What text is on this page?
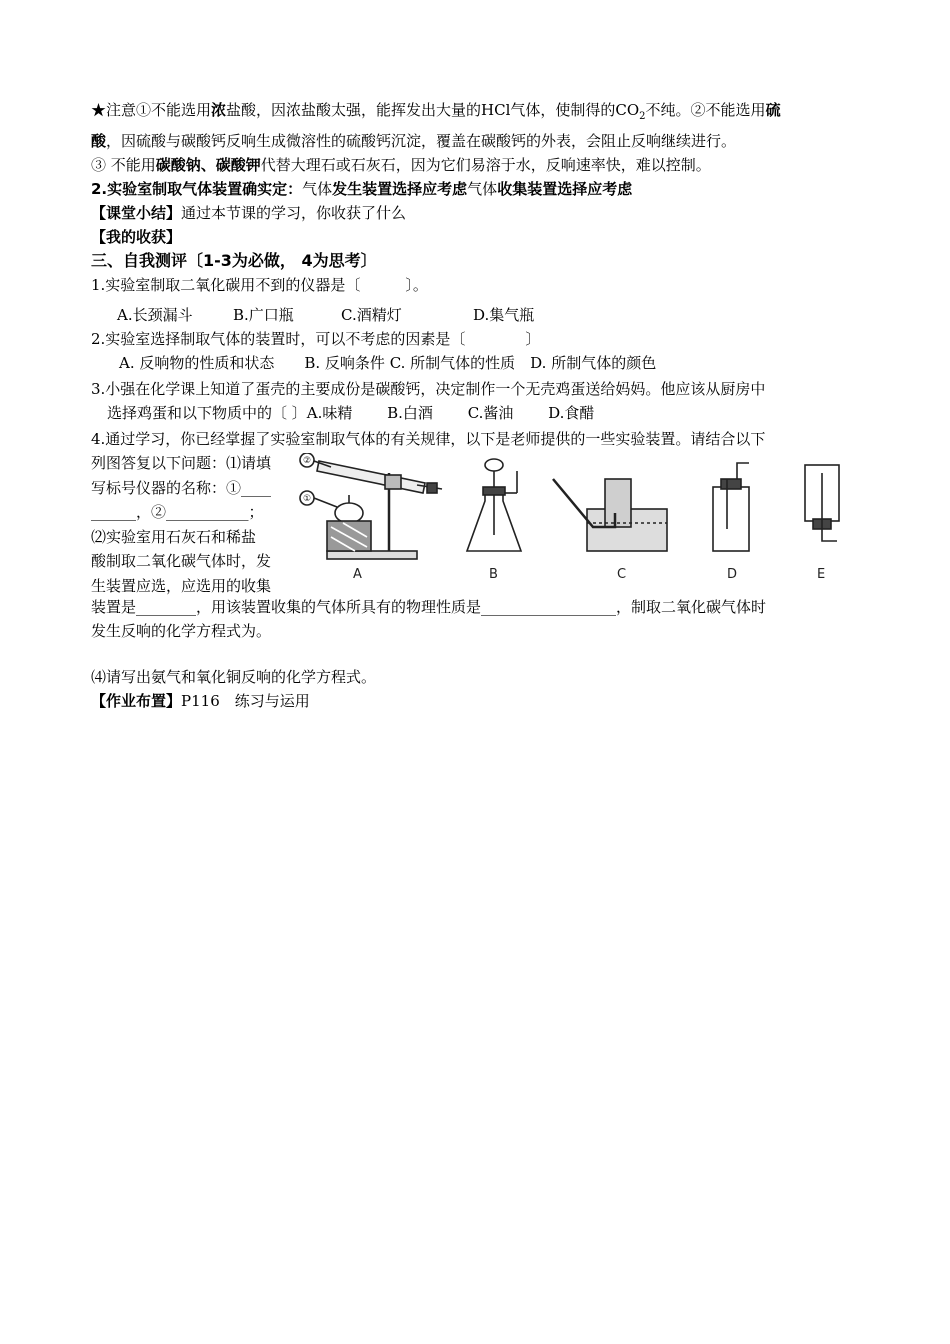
★注意①不能选用浓盐酸，因浓盐酸太强，能挥发出大量的HCl气体，使制得的$CO_2$不纯。②不能选用硫
酸，因硫酸与碳酸钙反响生成微溶性的硫酸钙沉淀，覆盖在碳酸钙的外表，会阻止反响继续进行。
③ 不能用碳酸钠、碳酸钾代替大理石或石灰石，因为它们易溶于水，反响速率快，难以控制。
2.实验室制取气体装置确实定：气体发生装置选择应考虑气体收集装置选择应考虑
【课堂小结】通过本节课的学习，你收获了什么
【我的收获】
三、自我测评〔1-3为必做， 4为思考〕
1.实验室制取二氧化碳用不到的仪器是〔　　　〕。
A.长颈漏斗	B.广口瓶	C.酒精灯	D.集气瓶
2.实验室选择制取气体的装置时，可以不考虑的因素是〔　　　　〕
A. 反响物的性质和状态　　B. 反响条件 C. 所制气体的性质　D. 所制气体的颜色
3.小强在化学课上知道了蛋壳的主要成份是碳酸钙，决定制作一个无壳鸡蛋送给妈妈。他应该从厨房中
选择鸡蛋和以下物质中的〔 〕A.味精　　 B.白酒　　 C.酱油　　 D.食醋
4.通过学习，你已经掌握了实验室制取气体的有关规律，以下是老师提供的一些实验装置。请结合以下
列图答复以下问题：⑴请填
写标号仪器的名称：①____
______，②___________；
⑵实验室用石灰石和稀盐
酸制取二氧化碳气体时，发
生装置应选，应选用的收集
A	B	C	D	E
②
①
装置是________，用该装置收集的气体所具有的物理性质是__________________，制取二氧化碳气体时
发生反响的化学方程式为。
⑷请写出氨气和氧化铜反响的化学方程式。
【作业布置】P116　练习与运用
